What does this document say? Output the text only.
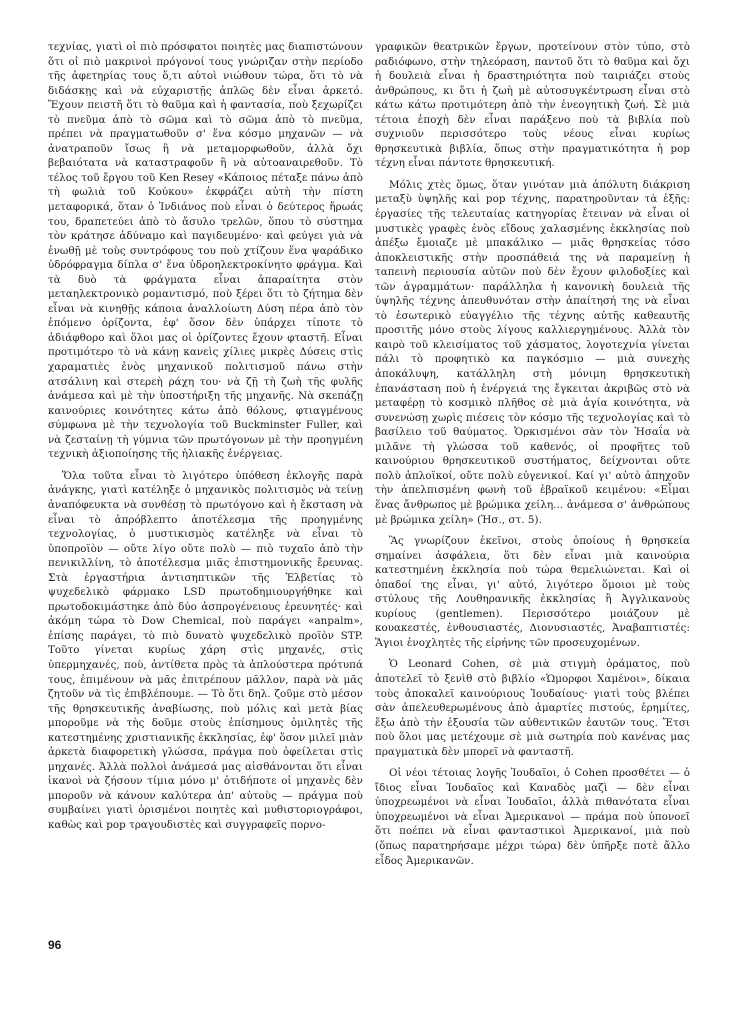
τεχνίας, γιατὶ οἱ πιὸ πρόσφατοι ποιητὲς μας διαπιστώνουν ὅτι οἱ πιὸ μακρινοὶ πρόγονοί τους γνώριζαν στὴν περίοδο τῆς ἀφετηρίας τους ὅ,τι αὐτοὶ νιώθουν τώρα, ὅτι τὸ νὰ διδάσκῃς καὶ νὰ εὐχαριστῇς ἁπλῶς δὲν εἶναι ἀρκετό. Ἔχουν πειστῆ ὅτι τὸ θαῦμα καὶ ἡ φαντασία, ποὺ ξεχωρίζει τὸ πνεῦμα ἀπὸ τὸ σῶμα καὶ τὸ σῶμα ἀπὸ τὸ πνεῦμα, πρέπει νὰ πραγματωθοῦν σ' ἕνα κόσμο μηχανῶν — νὰ ἀνατραποῦν ἴσως ἢ νὰ μεταμορφωθοῦν, ἀλλὰ ὄχι βεβαιότατα νὰ καταστραφοῦν ἢ νὰ αὐτοαναιρεθοῦν. Τὸ τέλος τοῦ ἔργου τοῦ Ken Resey «Κάποιος πέταξε πάνω ἀπὸ τὴ φωλιὰ τοῦ Κούκου» ἐκφράζει αὐτὴ τὴν πίστη μεταφορικά, ὅταν ὁ Ἰνδιάνος ποὺ εἶναι ὁ δεύτερος ἥρωάς του, δραπετεύει ἀπὸ τὸ ἄσυλο τρελῶν, ὅπου τὸ σύστημα τὸν κράτησε ἀδύναμο καὶ παγιδευμένο· καὶ φεύγει γιὰ νὰ ἑνωθῇ μὲ τοὺς συντρόφους του ποὺ χτίζουν ἕνα ψαράδικο ὑδρόφραγμα δίπλα σ' ἕνα ὑδροηλεκτροκίνητο φράγμα. Καὶ τὰ δυὸ τὰ φράγματα εἶναι ἀπαραίτητα στὸν μεταηλεκτρονικὸ ρομαντισμό, ποὺ ξέρει ὅτι τὸ ζήτημα δὲν εἶναι νὰ κινηθῇς κάποια ἀναλλοίωτη Δύση πέρα ἀπὸ τὸν ἑπόμενο ὁρίζοντα, ἐφ' ὅσον δὲν ὑπάρχει τίποτε τὸ ἀδιάφθορο καὶ ὅλοι μας οἱ ὁρίζοντες ἔχουν φταστῆ. Εἶναι προτιμότερο τὸ νὰ κάνῃ κανεὶς χίλιες μικρὲς Δύσεις στὶς χαραματιὲς ἑνὸς μηχανικοῦ πολιτισμοῦ πάνω στὴν ατσάλινη καὶ στερεὴ ράχη του· νὰ ζῇ τὴ ζωὴ τῆς φυλῆς ἀνάμεσα καὶ μὲ τὴν ὑποστήριξη τῆς μηχανῆς. Νὰ σκεπάζῃ καινούριες κοινότητες κάτω ἀπὸ θόλους, φτιαγμένους σύμφωνα μὲ τὴν τεχνολογία τοῦ Buckminster Fuller, καὶ νὰ ζεσταίνῃ τὴ γύμνια τῶν πρωτόγονων μὲ τὴν προηγμένη τεχνικὴ ἀξιοποίησης τῆς ἡλιακῆς ἐνέργειας.

Ὅλα τοῦτα εἶναι τὸ λιγότερο ὑπόθεση ἐκλογῆς παρὰ ἀνάγκης, γιατὶ κατέληξε ὁ μηχανικὸς πολιτισμὸς νὰ τείνῃ ἀναπόφευκτα νὰ συνθέσῃ τὸ πρωτόγονο καὶ ἡ ἔκσταση νὰ εἶναι τὸ ἀπρόβλεπτο ἀποτέλεσμα τῆς προηγμένης τεχνολογίας, ὁ μυστικισμὸς κατέληξε νὰ εἶναι τὸ ὑποπροϊὸν — οὔτε λίγο οὔτε πολὺ — πιὸ τυχαῖο ἀπὸ τὴν πενικιλλίνη, τὸ ἀποτέλεσμα μιᾶς ἐπιστημονικῆς ἔρευνας. Στὰ ἐργαστήρια ἀντισηπτικῶν τῆς Ἑλβετίας τὸ ψυχεδελικὸ φάρμακο LSD πρωτοδημιουργήθηκε καὶ πρωτοδοκιμάστηκε ἀπὸ δύο ἀσπρογένειους ἐρευνητές· καὶ ἀκόμη τώρα τὸ Dow Chemical, ποὺ παράγει «anpalm», ἐπίσης παράγει, τὸ πιὸ δυνατὸ ψυχεδελικὸ προϊὸν STP. Τοῦτο γίνεται κυρίως χάρη στὶς μηχανές, στὶς ὑπερμηχανές, ποὺ, ἀντίθετα πρὸς τὰ ἁπλούστερα πρότυπά τους, ἐπιμένουν νὰ μᾶς ἐπιτρέπουν μᾶλλον, παρὰ νὰ μᾶς ζητοῦν νὰ τὶς ἐπιβλέπουμε. — Τὸ ὅτι δηλ. ζοῦμε στὸ μέσον τῆς θρησκευτικῆς ἀναβίωσης, ποὺ μόλις καὶ μετὰ βίας μποροῦμε νὰ τὴς δοῦμε στοὺς ἐπίσημους ὁμιλητὲς τῆς κατεστημένης χριστιανικῆς ἐκκλησίας, ἐφ' ὅσον μιλεῖ μιὰν ἀρκετὰ διαφορετικὴ γλώσσα, πράγμα ποὺ ὀφείλεται στὶς μηχανές. Ἀλλὰ πολλοὶ ἀνάμεσά μας αἰσθάνονται ὅτι εἶναι ἱκανοὶ νὰ ζήσουν τίμια μόνο μ' ὁτιδήποτε οἱ μηχανὲς δὲν μποροῦν νὰ κάνουν καλύτερα ἀπ' αὐτοὺς — πράγμα ποὺ συμβαίνει γιατὶ ὁρισμένοι ποιητὲς καὶ μυθιστοριογράφοι, καθὼς καὶ pop τραγουδιστὲς καὶ συγγραφεῖς πορνο-

γραφικῶν θεατρικῶν ἔργων, προτείνουν στὸν τύπο, στὸ ραδιόφωνο, στὴν τηλεόραση, παντοῦ ὅτι τὸ θαῦμα καὶ ὄχι ἡ δουλειὰ εἶναι ἡ δραστηριότητα ποὺ ταιριάζει στοὺς ἀνθρώπους, κι ὅτι ἡ ζωὴ μὲ αὐτοσυγκέντρωση εἶναι στὸ κάτω κάτω προτιμότερη ἀπὸ τὴν ἐνεογητικὴ ζωή. Σὲ μιὰ τέτοια ἐποχὴ δὲν εἶναι παράξενο ποὺ τὰ βιβλία ποὺ συχνιοῦν περισσότερο τοὺς νέους εἶναι κυρίως θρησκευτικὰ βιβλία, ὅπως στὴν πραγματικότητα ἡ pop τέχνη εἶναι πάντοτε θρησκευτική.

Μόλις χτὲς ὅμως, ὅταν γινόταν μιὰ ἀπόλυτη διάκριση μεταξὺ ὑψηλῆς καὶ pop τέχνης, παρατηροῦνταν τὰ ἑξῆς: ἐργασίες τῆς τελευταίας κατηγορίας ἔτειναν νὰ εἶναι οἱ μυστικὲς γραφὲς ἑνὸς εἴδους χαλασμένης ἐκκλησίας ποὺ ἀπέξω ἔμοιαζε μὲ μπακάλικο — μιᾶς θρησκείας τόσο ἀποκλειστικῆς στὴν προσπάθειά της νὰ παραμείνῃ ἡ ταπεινὴ περιουσία αὐτῶν ποὺ δὲν ἔχουν φιλοδοξίες καὶ τῶν ἀγραμμάτων· παράλληλα ἡ κανονικὴ δουλειὰ τῆς ὑψηλῆς τέχνης ἀπευθυνόταν στὴν ἀπαίτησή της νὰ εἶναι τὸ ἐσωτερικὸ εὐαγγέλιο τῆς τέχνης αὐτῆς καθεαυτῆς προσιτῆς μόνο στοὺς λίγους καλλιεργημένους. Ἀλλὰ τὸν καιρὸ τοῦ κλεισίματος τοῦ χάσματος, λογοτεχνία γίνεται πάλι τὸ προφητικὸ κα παγκόσμιο — μιὰ συνεχὴς ἀποκάλυψη, κατάλληλη στὴ μόνιμη θρησκευτικὴ ἐπανάσταση ποὺ ἡ ἐνέργειά της ἔγκειται ἀκριβῶς στὸ νὰ μεταφέρῃ τὸ κοσμικὸ πλῆθος σὲ μιὰ ἁγία κοινότητα, νὰ συνενώσῃ χωρὶς πιέσεις τὸν κόσμο τῆς τεχνολογίας καὶ τὸ βασίλειο τοῦ θαύματος. Ὁρκισμένοι σὰν τὸν Ἠσαΐα νὰ μιλᾶνε τὴ γλώσσα τοῦ καθενός, οἱ προφῆτες τοῦ καινούριου θρησκευτικοῦ συστήματος, δείχνονται οὔτε πολὺ ἁπλοϊκοί, οὔτε πολὺ εὐγενικοί. Καί γι' αὐτὸ ἀπηχοῦν τὴν ἀπελπισμένη φωνὴ τοῦ ἑβραϊκοῦ κειμένου: «Εἶμαι ἕνας ἄνθρωπος μὲ βρώμικα χείλη... ἀνάμεσα σ' ἀνθρώπους μὲ βρώμικα χείλη» (Ἡσ., στ. 5).

Ἂς γνωρίζουν ἐκεῖνοι, στοὺς ὁποίους ἡ θρησκεία σημαίνει ἀσφάλεια, ὅτι δὲν εἶναι μιὰ καινούρια κατεστημένη ἐκκλησία ποὺ τώρα θεμελιώνεται. Καὶ οἱ ὁπαδοί της εἶναι, γι' αὐτό, λιγότερο ὅμοιοι μὲ τοὺς στύλους τῆς Λουθηρανικῆς ἐκκλησίας ἢ Ἀγγλικανοὺς κυρίους (gentlemen). Περισσότερο μοιάζουν μὲ κουακεστές, ἐνθουσιαστές, Διονυσιαστές, Ἀναβαπτιστές: Ἅγιοι ἐνοχλητὲς τῆς εἰρήνης τῶν προσευχομένων.

Ὁ Leonard Cohen, σὲ μιὰ στιγμὴ ὁράματος, ποὺ ἀποτελεῖ τὸ ξενὶθ στὸ βιβλίο «Ὡμορφοι Χαμένοι», δίκαια τοὺς ἀποκαλεῖ καινούριους Ἰουδαίους· γιατὶ τοὺς βλέπει σὰν ἀπελευθερωμένους ἀπὸ ἁμαρτίες πιστούς, ἐρημίτες, ἔξω ἀπὸ τὴν ἐξουσία τῶν αὐθεντικῶν ἑαυτῶν τους. Ἔτσι ποὺ ὅλοι μας μετέχουμε σὲ μιὰ σωτηρία ποὺ κανένας μας πραγματικὰ δὲν μπορεῖ νὰ φανταστῆ.

Οἱ νέοι τέτοιας λογῆς Ἰουδαῖοι, ὁ Cohen προσθέτει — ὁ ἴδιος εἶναι Ἰουδαῖος καὶ Καναδὸς μαζὶ — δὲν εἶναι ὑποχρεωμένοι νὰ εἶναι Ἰουδαῖοι, ἀλλὰ πιθανότατα εἶναι ὑποχρεωμένοι νὰ εἶναι Ἀμερικανοὶ — πράμα ποὺ ὑπονοεῖ ὅτι ποέπει νὰ εἶναι φανταστικοὶ Ἀμερικανοί, μιὰ ποὺ (ὅπως παρατηρήσαμε μέχρι τώρα) δὲν ὑπῆρξε ποτὲ ἄλλο εἶδος Ἀμερικανῶν.

96
